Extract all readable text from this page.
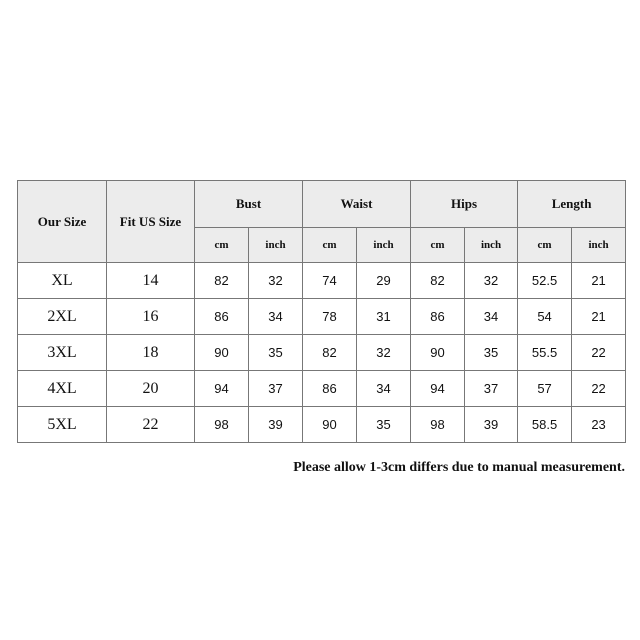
Our Size	Fit US Size	Bust		Waist		Hips		Length	
		cm	inch	cm	inch	cm	inch	cm	inch
XL	14	82	32	74	29	82	32	52.5	21
2XL	16	86	34	78	31	86	34	54	21
3XL	18	90	35	82	32	90	35	55.5	22
4XL	20	94	37	86	34	94	37	57	22
5XL	22	98	39	90	35	98	39	58.5	23
Please allow 1-3cm differs due to manual measurement.
